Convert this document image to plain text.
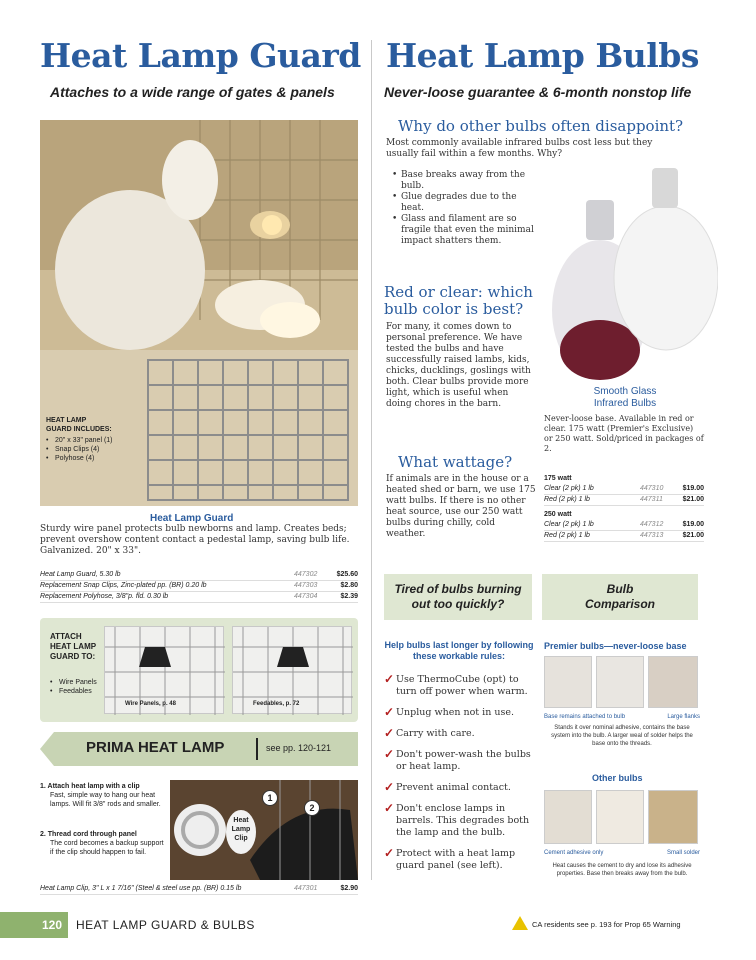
Heat Lamp Guard
Attaches to a wide range of gates & panels
HEAT LAMP
GUARD INCLUDES:
• 20" x 33" panel (1)
• Snap Clips (4)
• Polyhose (4)
Heat Lamp Guard
Sturdy wire panel protects bulb newborns and lamp. Creates beds; prevent overshow content contact a pedestal lamp, saving bulb life. Galvanized. 20" x 33".
Heat Lamp Guard, 5.30 lb	447302	$25.60
Replacement Snap Clips, Zinc-plated pp. (BR) 0.20 lb	447303	$2.80
Replacement Polyhose, 3/8"p. fld. 0.30 lb	447304	$2.39
ATTACH HEAT LAMP GUARD TO:
• Wire Panels
• Feedables
Wire Panels, p. 48	Feedables, p. 72
PRIMA HEAT LAMP	see pp. 120-121
1. Attach heat lamp with a clip
Fast, simple way to hang our heat lamps. Will fit 3/8" rods and smaller.
2. Thread cord through panel
The cord becomes a backup support if the clip should happen to fail.
Heat Lamp Clip
1
2
Heat Lamp Clip, 3" L x 1 7/16" (Steel & steel use pp. (BR) 0.15 lb	447301	$2.90
Heat Lamp Bulbs
Never-loose guarantee & 6-month nonstop life
Why do other bulbs often disappoint?
Most commonly available infrared bulbs cost less but they usually fail within a few months. Why?
• Base breaks away from the bulb.
• Glue degrades due to the heat.
• Glass and filament are so fragile that even the minimal impact shatters them.
Red or clear: which bulb color is best?
For many, it comes down to personal preference. We have tested the bulbs and have successfully raised lambs, kids, chicks, ducklings, goslings with both. Clear bulbs provide more light, which is useful when doing chores in the barn.
What wattage?
If animals are in the house or a heated shed or barn, we use 175 watt bulbs. If there is no other heat source, use our 250 watt bulbs during chilly, cold weather.
Smooth Glass Infrared Bulbs
Never-loose base. Available in red or clear. 175 watt (Premier's Exclusive) or 250 watt. Sold/priced in packages of 2.
175 watt
Clear (2 pk) 1 lb	447310	$19.00
Red (2 pk) 1 lb	447311	$21.00
250 watt
Clear (2 pk) 1 lb	447312	$19.00
Red (2 pk) 1 lb	447313	$21.00
Tired of bulbs burning out too quickly?
Bulb Comparison
Help bulbs last longer by following these workable rules:
✓ Use ThermoCube (opt) to turn off power when warm.
✓ Unplug when not in use.
✓ Carry with care.
✓ Don't power-wash the bulbs or heat lamp.
✓ Prevent animal contact.
✓ Don't enclose lamps in barrels. This degrades both the lamp and the bulb.
✓ Protect with a heat lamp guard panel (see left).
Premier bulbs—never-loose base
Base remains attached to bulb	Large flanks
Stands it over nominal adhesive, contains the base system into the bulb. A larger weal of solder helps the base onto the threads.
Other bulbs
Cement adhesive only	Small solder
Heat causes the cement to dry and lose its adhesive properties. Base then breaks away from the bulb.
120	HEAT LAMP GUARD & BULBS	CA residents see p. 193 for Prop 65 Warning
